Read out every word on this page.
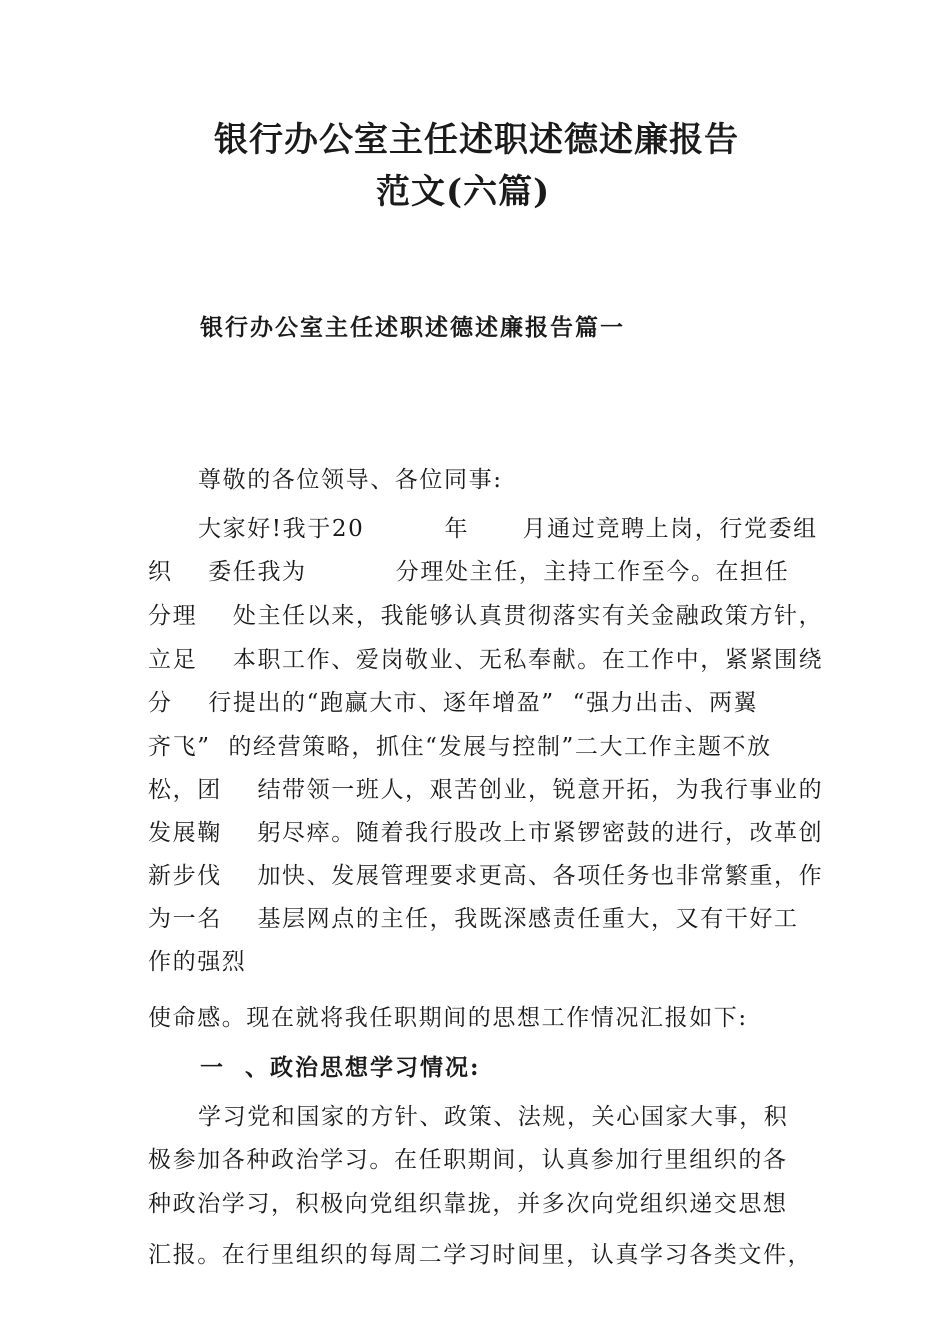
银行办公室主任述职述德述廉报告
范文(六篇)
银行办公室主任述职述德述廉报告篇一
尊敬的各位领导、各位同事:
大家好!我于20         年      月通过竞聘上岗，行党委组
织    委任我为          分理处主任，主持工作至今。在担任
分理    处主任以来，我能够认真贯彻落实有关金融政策方针，
立足    本职工作、爱岗敬业、无私奉献。在工作中，紧紧围绕
分    行提出的“跑赢大市、逐年增盈”  “强力出击、两翼
齐飞”  的经营策略，抓住“发展与控制”二大工作主题不放
松，团    结带领一班人，艰苦创业，锐意开拓，为我行事业的
发展鞠    躬尽瘁。随着我行股改上市紧锣密鼓的进行，改革创
新步伐    加快、发展管理要求更高、各项任务也非常繁重，作
为一名    基层网点的主任，我既深感责任重大，又有干好工
作的强烈
使命感。现在就将我任职期间的思想工作情况汇报如下:
一  、政治思想学习情况:
学习党和国家的方针、政策、法规，关心国家大事，积
极参加各种政治学习。在任职期间，认真参加行里组织的各
种政治学习，积极向党组织靠拢，并多次向党组织递交思想
汇报。在行里组织的每周二学习时间里，认真学习各类文件，
